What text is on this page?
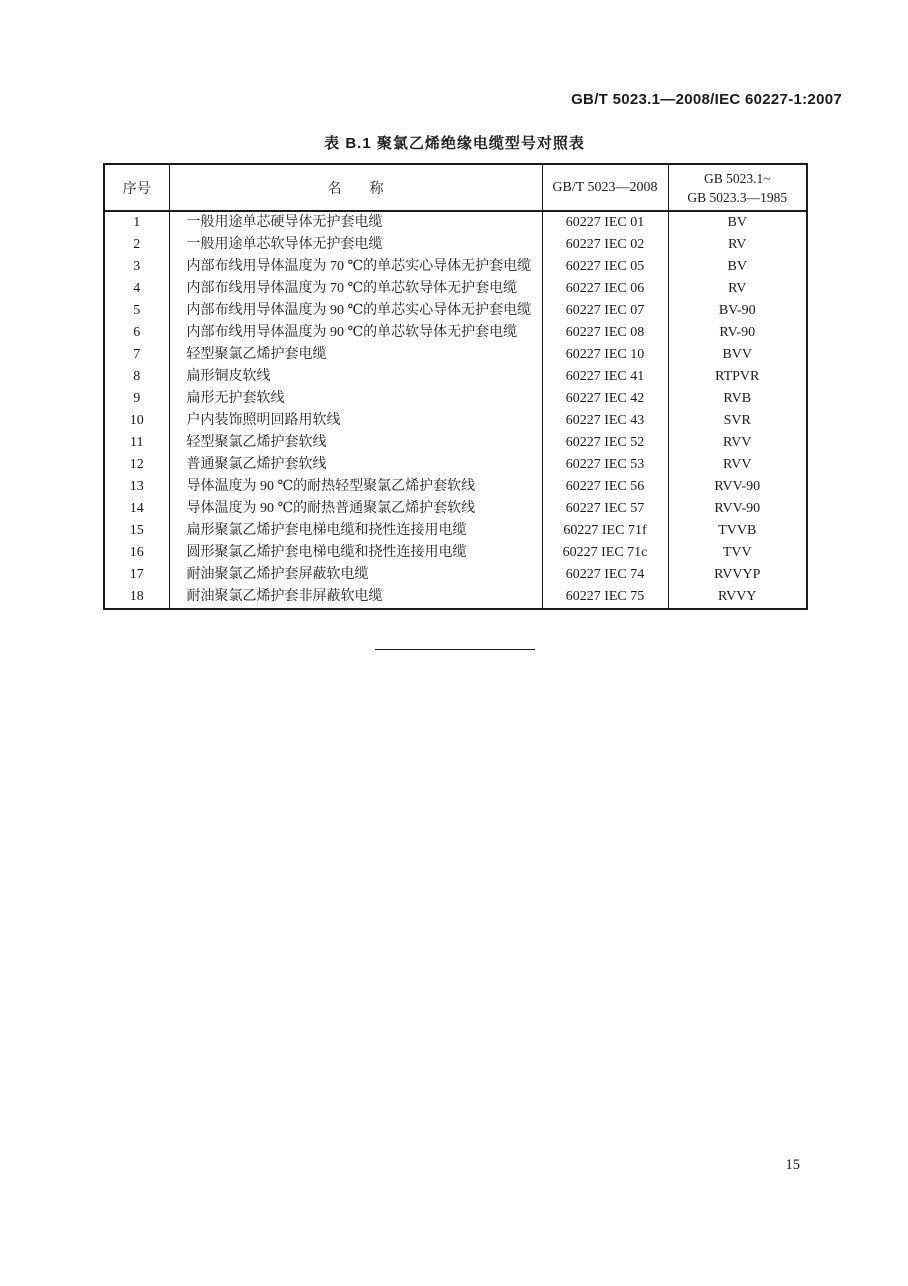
GB/T 5023.1—2008/IEC 60227-1:2007
表 B.1 聚氯乙烯绝缘电缆型号对照表
序号	名　　称	GB/T 5023—2008	GB 5023.1~
GB 5023.3—1985

1	一般用途单芯硬导体无护套电缆	60227 IEC 01	BV
2	一般用途单芯软导体无护套电缆	60227 IEC 02	RV
3	内部布线用导体温度为 70 ℃的单芯实心导体无护套电缆	60227 IEC 05	BV
4	内部布线用导体温度为 70 ℃的单芯软导体无护套电缆	60227 IEC 06	RV
5	内部布线用导体温度为 90 ℃的单芯实心导体无护套电缆	60227 IEC 07	BV-90
6	内部布线用导体温度为 90 ℃的单芯软导体无护套电缆	60227 IEC 08	RV-90
7	轻型聚氯乙烯护套电缆	60227 IEC 10	BVV
8	扁形铜皮软线	60227 IEC 41	RTPVR
9	扁形无护套软线	60227 IEC 42	RVB
10	户内装饰照明回路用软线	60227 IEC 43	SVR
11	轻型聚氯乙烯护套软线	60227 IEC 52	RVV
12	普通聚氯乙烯护套软线	60227 IEC 53	RVV
13	导体温度为 90 ℃的耐热轻型聚氯乙烯护套软线	60227 IEC 56	RVV-90
14	导体温度为 90 ℃的耐热普通聚氯乙烯护套软线	60227 IEC 57	RVV-90
15	扁形聚氯乙烯护套电梯电缆和挠性连接用电缆	60227 IEC 71f	TVVB
16	圆形聚氯乙烯护套电梯电缆和挠性连接用电缆	60227 IEC 71c	TVV
17	耐油聚氯乙烯护套屏蔽软电缆	60227 IEC 74	RVVYP
18	耐油聚氯乙烯护套非屏蔽软电缆	60227 IEC 75	RVVY
15
